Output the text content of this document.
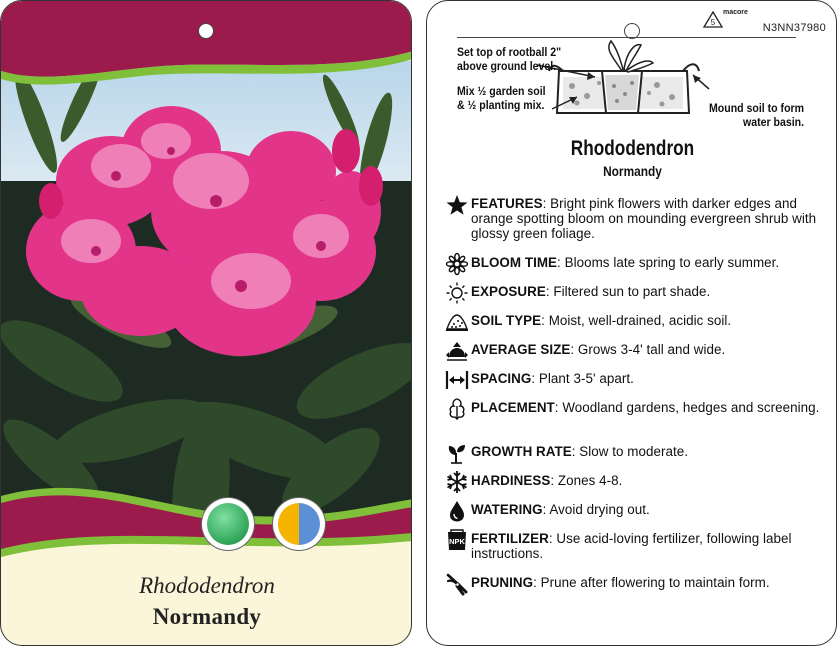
Rhododendron
Normandy
5
macore
N3NN37980
Set top of rootball 2"
above ground level.
Mix ½ garden soil
& ½ planting mix.	Mound soil to form
water basin.

Rhododendron
Normandy
FEATURES: Bright pink flowers with darker edges and orange spotting bloom on mounding evergreen shrub with glossy green foliage.
BLOOM TIME: Blooms late spring to early summer.
EXPOSURE: Filtered sun to part shade.
SOIL TYPE: Moist, well-drained, acidic soil.
AVERAGE SIZE: Grows 3-4' tall and wide.
SPACING: Plant 3-5' apart.
PLACEMENT: Woodland gardens, hedges and screening.
GROWTH RATE: Slow to moderate.
HARDINESS: Zones 4-8.
WATERING: Avoid drying out.
NPK FERTILIZER: Use acid-loving fertilizer, following label instructions.
PRUNING: Prune after flowering to maintain form.
